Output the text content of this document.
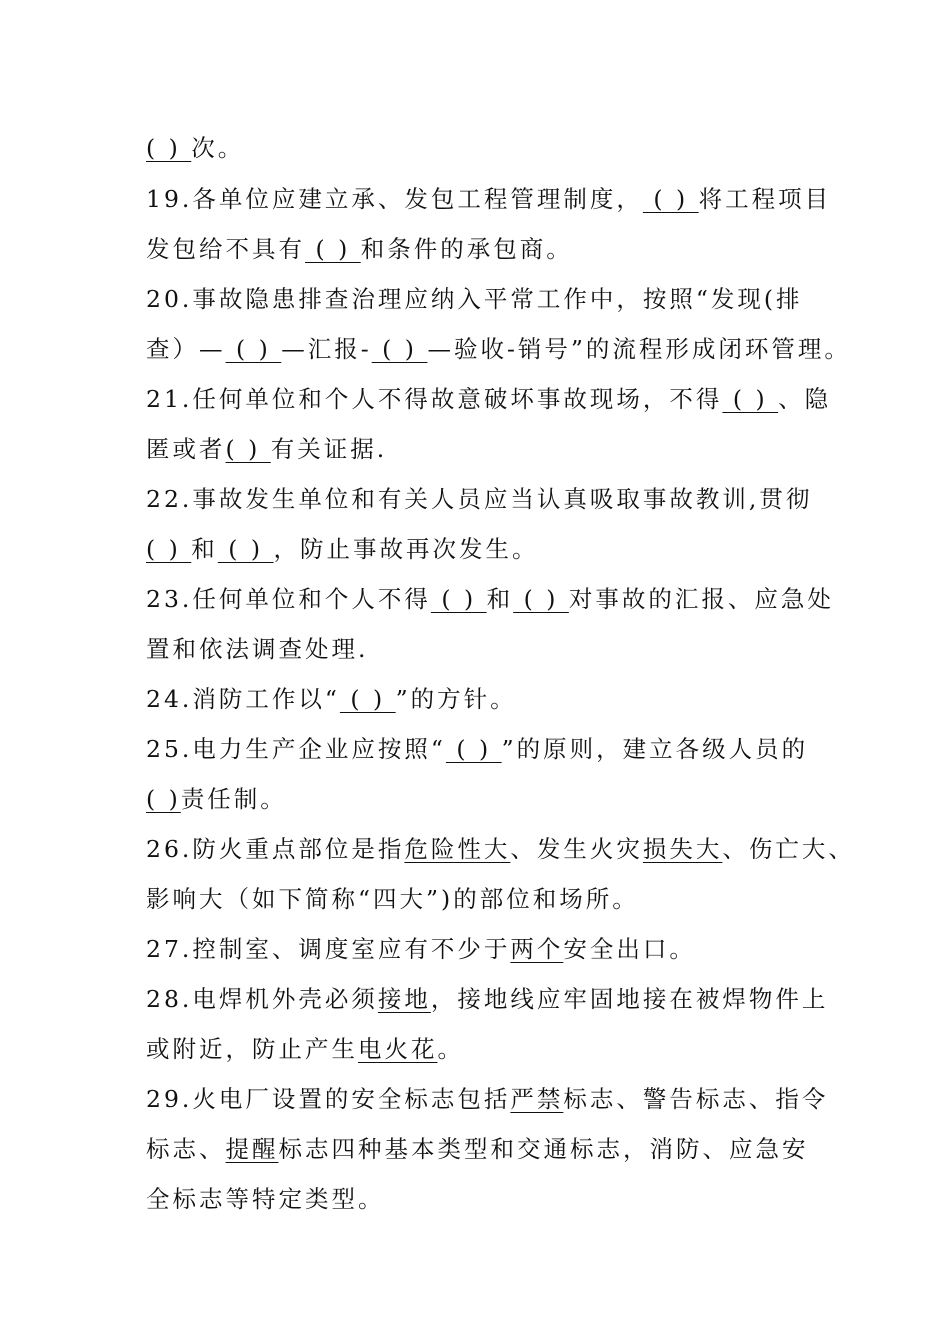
( ) 次。
19.各单位应建立承、发包工程管理制度， ( ) 将工程项目
发包给不具有 ( ) 和条件的承包商。
20.事故隐患排查治理应纳入平常工作中，按照“发现(排
查）— ( ) —汇报- ( ) —验收-销号”的流程形成闭环管理。
21.任何单位和个人不得故意破坏事故现场，不得 ( ) 、隐
匿或者( ) 有关证据.
22.事故发生单位和有关人员应当认真吸取事故教训,贯彻
( ) 和 ( ) ，防止事故再次发生。
23.任何单位和个人不得 ( ) 和 ( ) 对事故的汇报、应急处
置和依法调查处理.
24.消防工作以“ ( ) ”的方针。
25.电力生产企业应按照“ ( ) ”的原则，建立各级人员的
( )责任制。
26.防火重点部位是指危险性大、发生火灾损失大、伤亡大、
影响大（如下简称“四大”)的部位和场所。
27.控制室、调度室应有不少于两个安全出口。
28.电焊机外壳必须接地，接地线应牢固地接在被焊物件上
或附近，防止产生电火花。
29.火电厂设置的安全标志包括严禁标志、警告标志、指令
标志、提醒标志四种基本类型和交通标志，消防、应急安
全标志等特定类型。
